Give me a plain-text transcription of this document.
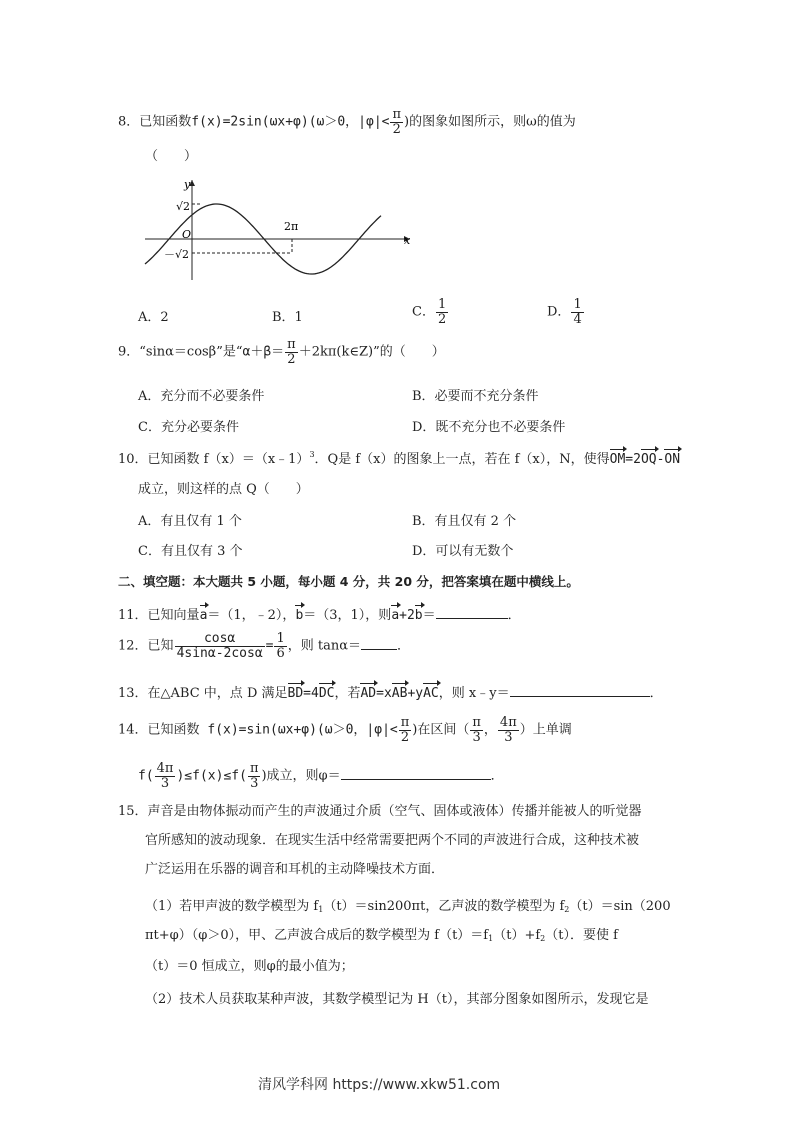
8．已知函数f(x)=2sin(ωx+φ)(ω＞0，$|\varphi|< \frac{\pi}{2}$ )的图象如图所示，则ω的值为
（　　）
y
x
O
√2
－√2
2π
A．2	B．1	C． $\frac{1}{2}$	D． $\frac{1}{4}$
9．“sinα＝cosβ”是“$\alpha+\beta= \frac{\pi}{2}$ ＋2kπ(k∈Z)”的（　　）
A．充分而不必要条件	B．必要而不充分条件
C．充分必要条件	D．既不充分也不必要条件
10．已知函数 f（x）＝（x﹣1）$^3$．Q是 f（x）的图象上一点，若在 f（x），N，使得OM=2OQ-ON
成立，则这样的点 Q（　　）
A．有且仅有 1 个	B．有且仅有 2 个
C．有且仅有 3 个	D．可以有无数个
二、填空题：本大题共 5 小题，每小题 4 分，共 20 分，把答案填在题中横线上。
11．已知向量a＝（1，﹣2），b＝（3，1），则a+2b＝	．
12．已知 $\frac{\cos\alpha}{4\sin\alpha-2\cos\alpha} = \frac{1}{6}$ ，则 tanα＝	．
13．在△ABC 中，点 D 满足BD=4DC，若AD=xAB+yAC，则 x﹣y＝	．
14．已知函数 f(x)=sin(ωx+φ)(ω＞0，$|\varphi|< \frac{\pi}{2}$ )在区间（ $\frac{\pi}{3}$ ， $\frac{4\pi}{3}$ ）上单调
$f( \frac{4\pi}{3} )\le f(x)\le f( \frac{\pi}{3}$ )成立，则φ＝	．
15．声音是由物体振动而产生的声波通过介质（空气、固体或液体）传播并能被人的听觉器
官所感知的波动现象．在现实生活中经常需要把两个不同的声波进行合成，这种技术被
广泛运用在乐器的调音和耳机的主动降噪技术方面．
（1）若甲声波的数学模型为 $f_1(t)=\sin 200\pi t$，乙声波的数学模型为 $f_2(t)=\sin(200$
πt+φ）（φ＞0），甲、乙声波合成后的数学模型为 $f(t)=f_1(t)+f_2(t)$．要使 f
（t）＝0 恒成立，则φ的最小值为；
（2）技术人员获取某种声波，其数学模型记为 H（t），其部分图象如图所示，发现它是
清风学科网 https://www.xkw51.com
